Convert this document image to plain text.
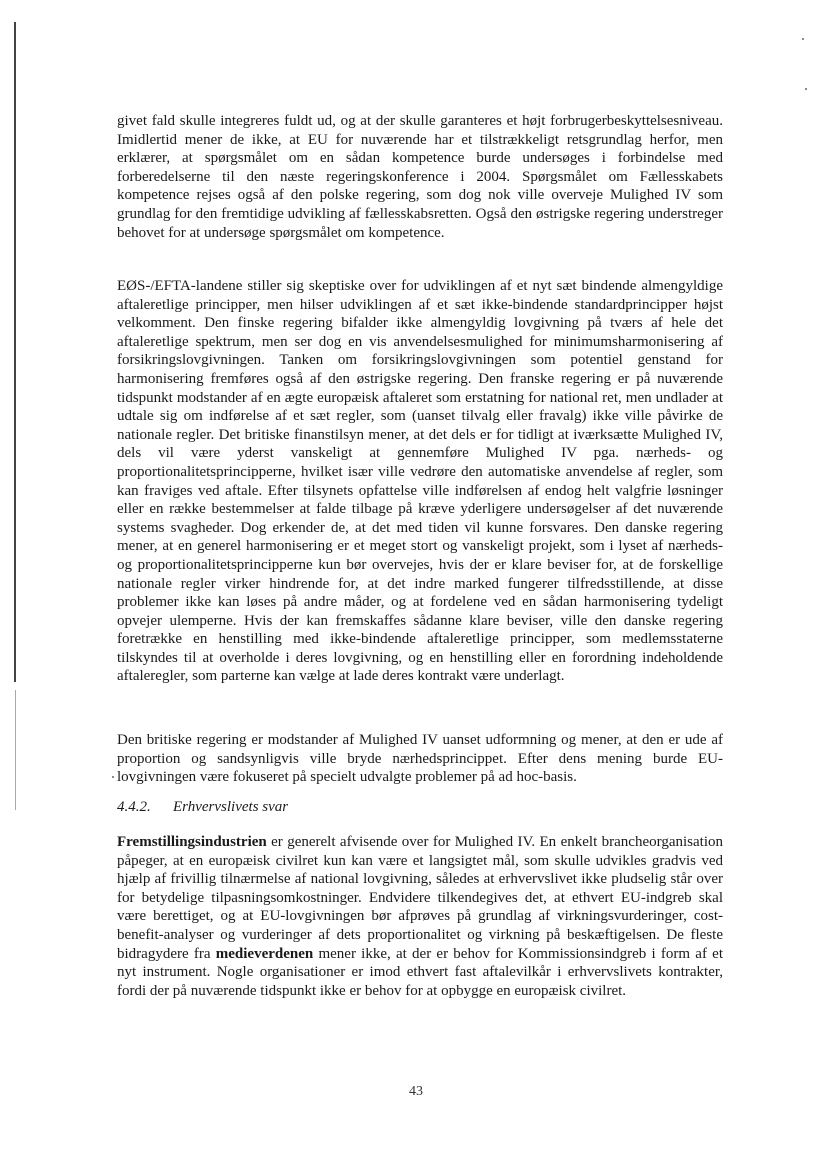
givet fald skulle integreres fuldt ud, og at der skulle garanteres et højt forbrugerbeskyttelsesniveau. Imidlertid mener de ikke, at EU for nuværende har et tilstrækkeligt retsgrundlag herfor, men erklærer, at spørgsmålet om en sådan kompetence burde undersøges i forbindelse med forberedelserne til den næste regeringskonference i 2004. Spørgsmålet om Fællesskabets kompetence rejses også af den polske regering, som dog nok ville overveje Mulighed IV som grundlag for den fremtidige udvikling af fællesskabsretten. Også den østrigske regering understreger behovet for at undersøge spørgsmålet om kompetence.

EØS-/EFTA-landene stiller sig skeptiske over for udviklingen af et nyt sæt bindende almengyldige aftaleretlige principper, men hilser udviklingen af et sæt ikke-bindende standardprincipper højst velkomment. Den finske regering bifalder ikke almengyldig lovgivning på tværs af hele det aftaleretlige spektrum, men ser dog en vis anvendelsesmulighed for minimumsharmonisering af forsikringslovgivningen. Tanken om forsikringslovgivningen som potentiel genstand for harmonisering fremføres også af den østrigske regering. Den franske regering er på nuværende tidspunkt modstander af en ægte europæisk aftaleret som erstatning for national ret, men undlader at udtale sig om indførelse af et sæt regler, som (uanset tilvalg eller fravalg) ikke ville påvirke de nationale regler. Det britiske finanstilsyn mener, at det dels er for tidligt at iværksætte Mulighed IV, dels vil være yderst vanskeligt at gennemføre Mulighed IV pga. nærheds- og proportionalitetsprincipperne, hvilket især ville vedrøre den automatiske anvendelse af regler, som kan fraviges ved aftale. Efter tilsynets opfattelse ville indførelsen af endog helt valgfrie løsninger eller en række bestemmelser at falde tilbage på kræve yderligere undersøgelser af det nuværende systems svagheder. Dog erkender de, at det med tiden vil kunne forsvares. Den danske regering mener, at en generel harmonisering er et meget stort og vanskeligt projekt, som i lyset af nærheds- og proportionalitetsprincipperne kun bør overvejes, hvis der er klare beviser for, at de forskellige nationale regler virker hindrende for, at det indre marked fungerer tilfredsstillende, at disse problemer ikke kan løses på andre måder, og at fordelene ved en sådan harmonisering tydeligt opvejer ulemperne. Hvis der kan fremskaffes sådanne klare beviser, ville den danske regering foretrække en henstilling med ikke-bindende aftaleretlige principper, som medlemsstaterne tilskyndes til at overholde i deres lovgivning, og en henstilling eller en forordning indeholdende aftaleregler, som parterne kan vælge at lade deres kontrakt være underlagt.

Den britiske regering er modstander af Mulighed IV uanset udformning og mener, at den er ude af proportion og sandsynligvis ville bryde nærhedsprincippet. Efter dens mening burde EU-lovgivningen være fokuseret på specielt udvalgte problemer på ad hoc-basis.

4.4.2. Erhvervslivets svar

Fremstillingsindustrien er generelt afvisende over for Mulighed IV. En enkelt brancheorganisation påpeger, at en europæisk civilret kun kan være et langsigtet mål, som skulle udvikles gradvis ved hjælp af frivillig tilnærmelse af national lovgivning, således at erhvervslivet ikke pludselig står over for betydelige tilpasningsomkostninger. Endvidere tilkendegives det, at ethvert EU-indgreb skal være berettiget, og at EU-lovgivningen bør afprøves på grundlag af virkningsvurderinger, cost-benefit-analyser og vurderinger af dets proportionalitet og virkning på beskæftigelsen. De fleste bidragydere fra medieverdenen mener ikke, at der er behov for Kommissionsindgreb i form af et nyt instrument. Nogle organisationer er imod ethvert fast aftalevilkår i erhvervslivets kontrakter, fordi der på nuværende tidspunkt ikke er behov for at opbygge en europæisk civilret.

43
